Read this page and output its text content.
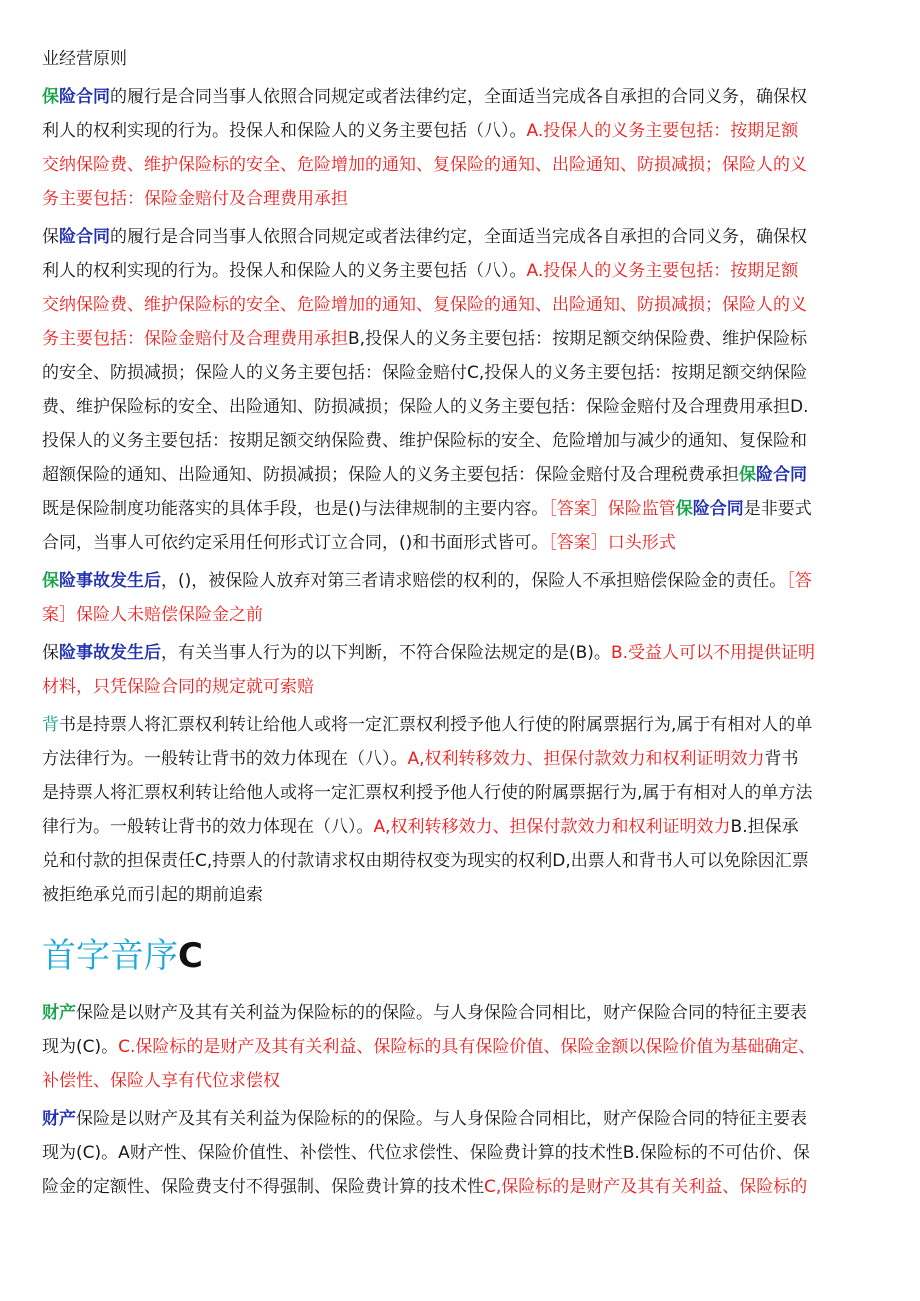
业经营原则
保险合同的履行是合同当事人依照合同规定或者法律约定，全面适当完成各自承担的合同义务，确保权
利人的权利实现的行为。投保人和保险人的义务主要包括（八）。A.投保人的义务主要包括：按期足额
交纳保险费、维护保险标的安全、危险增加的通知、复保险的通知、出险通知、防损减损；保险人的义
务主要包括：保险金赔付及合理费用承担
保险合同的履行是合同当事人依照合同规定或者法律约定，全面适当完成各自承担的合同义务，确保权
利人的权利实现的行为。投保人和保险人的义务主要包括（八）。A.投保人的义务主要包括：按期足额
交纳保险费、维护保险标的安全、危险增加的通知、复保险的通知、出险通知、防损减损；保险人的义
务主要包括：保险金赔付及合理费用承担B,投保人的义务主要包括：按期足额交纳保险费、维护保险标
的安全、防损减损；保险人的义务主要包括：保险金赔付C,投保人的义务主要包括：按期足额交纳保险
费、维护保险标的安全、出险通知、防损减损；保险人的义务主要包括：保险金赔付及合理费用承担D.
投保人的义务主要包括：按期足额交纳保险费、维护保险标的安全、危险增加与减少的通知、复保险和
超额保险的通知、出险通知、防损减损；保险人的义务主要包括：保险金赔付及合理税费承担保险合同
既是保险制度功能落实的具体手段，也是()与法律规制的主要内容。［答案］保险监管保险合同是非要式
合同，当事人可依约定采用任何形式订立合同，()和书面形式皆可。［答案］口头形式
保险事故发生后，()，被保险人放弃对第三者请求赔偿的权利的，保险人不承担赔偿保险金的责任。［答
案］保险人未赔偿保险金之前
保险事故发生后，有关当事人行为的以下判断，不符合保险法规定的是(B)。B.受益人可以不用提供证明
材料，只凭保险合同的规定就可索赔
背书是持票人将汇票权利转让给他人或将一定汇票权利授予他人行使的附属票据行为,属于有相对人的单
方法律行为。一般转让背书的效力体现在（八）。A,权利转移效力、担保付款效力和权利证明效力背书
是持票人将汇票权利转让给他人或将一定汇票权利授予他人行使的附属票据行为,属于有相对人的单方法
律行为。一般转让背书的效力体现在（八）。A,权利转移效力、担保付款效力和权利证明效力B.担保承
兑和付款的担保责任C,持票人的付款请求权由期待权变为现实的权利D,出票人和背书人可以免除因汇票
被拒绝承兑而引起的期前追索
首字音序C
财产保险是以财产及其有关利益为保险标的的保险。与人身保险合同相比，财产保险合同的特征主要表
现为(C)。C.保险标的是财产及其有关利益、保险标的具有保险价值、保险金额以保险价值为基础确定、
补偿性、保险人享有代位求偿权
财产保险是以财产及其有关利益为保险标的的保险。与人身保险合同相比，财产保险合同的特征主要表
现为(C)。A财产性、保险价值性、补偿性、代位求偿性、保险费计算的技术性B.保险标的不可估价、保
险金的定额性、保险费支付不得强制、保险费计算的技术性C,保险标的是财产及其有关利益、保险标的
